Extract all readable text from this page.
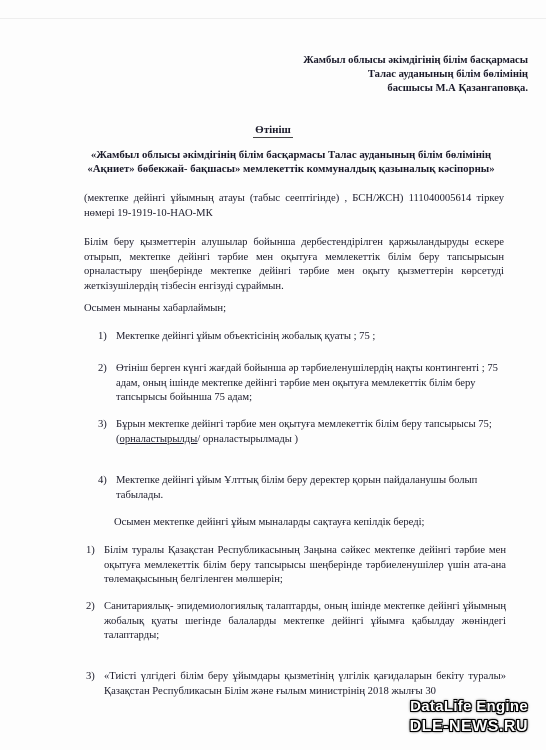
Жамбыл облысы әкімдігінің білім басқармасы
Талас ауданының білім бөлімінің
басшысы М.А Қазангаповқа.
Өтініш
«Жамбыл облысы әкімдігінің білім басқармасы Талас ауданының білім бөлімінің «Ақниет» бөбекжай- бақшасы» мемлекеттік коммуналдық қазыналық кәсіпорны»
(мектепке дейінгі ұйымның атауы (табыс сеептігінде) , БСН/ЖСН) 111040005614 тіркеу нөмері 19-1919-10-НАО-МК
Білім беру қызметтерін алушылар бойынша дербестендірілген қаржыландыруды ескере отырып, мектепке дейінгі тәрбие мен оқытуға мемлекеттік білім беру тапсырысын орналастыру шеңберінде мектепке дейінгі тәрбие мен оқыту қызметтерін көрсетуді жеткізушілердің тізбесін енгізуді сұраймын.
Осымен мынаны хабарлаймын;
1) Мектепке дейінгі ұйым объектісінің жобалық қуаты ; 75 ;
2) Өтініш берген күнгі жағдай бойынша әр тәрбиеленушілердің нақты контингенті ; 75 адам, оның ішінде мектепке дейінгі тәрбие мен оқытуға мемлекеттік білім беру тапсырысы бойынша 75 адам;
3) Бұрын мектепке дейінгі тәрбие мен оқытуға мемлекеттік білім беру тапсырысы 75; (орналастырылды/ орналастырылмады )
4) Мектепке дейінгі ұйым Ұлттық білім беру деректер қорын пайдаланушы болып табылады.
Осымен мектепке дейінгі ұйым мыналарды сақтауға кепілдік береді;
1) Білім туралы Қазақстан Республикасының Заңына сәйкес мектепке дейінгі тәрбие мен оқытуға мемлекеттік білім беру тапсырысы шеңберінде тәрбиеленушілер үшін ата-ана төлемақысының белгіленген мөлшерін;
2) Санитариялық- эпидемиологиялық талаптарды, оның ішінде мектепке дейінгі ұйымның жобалық қуаты шегінде балаларды мектепке дейінгі ұйымға қабылдау жөніндегі талаптарды;
3) «Тиісті үлгідегі білім беру ұйымдары қызметінің үлгілік қағидаларын бекіту туралы» Қазақстан Республикасын Білім және ғылым министрінің 2018 жылғы 30
DataLife Engine
DLE-NEWS.RU
